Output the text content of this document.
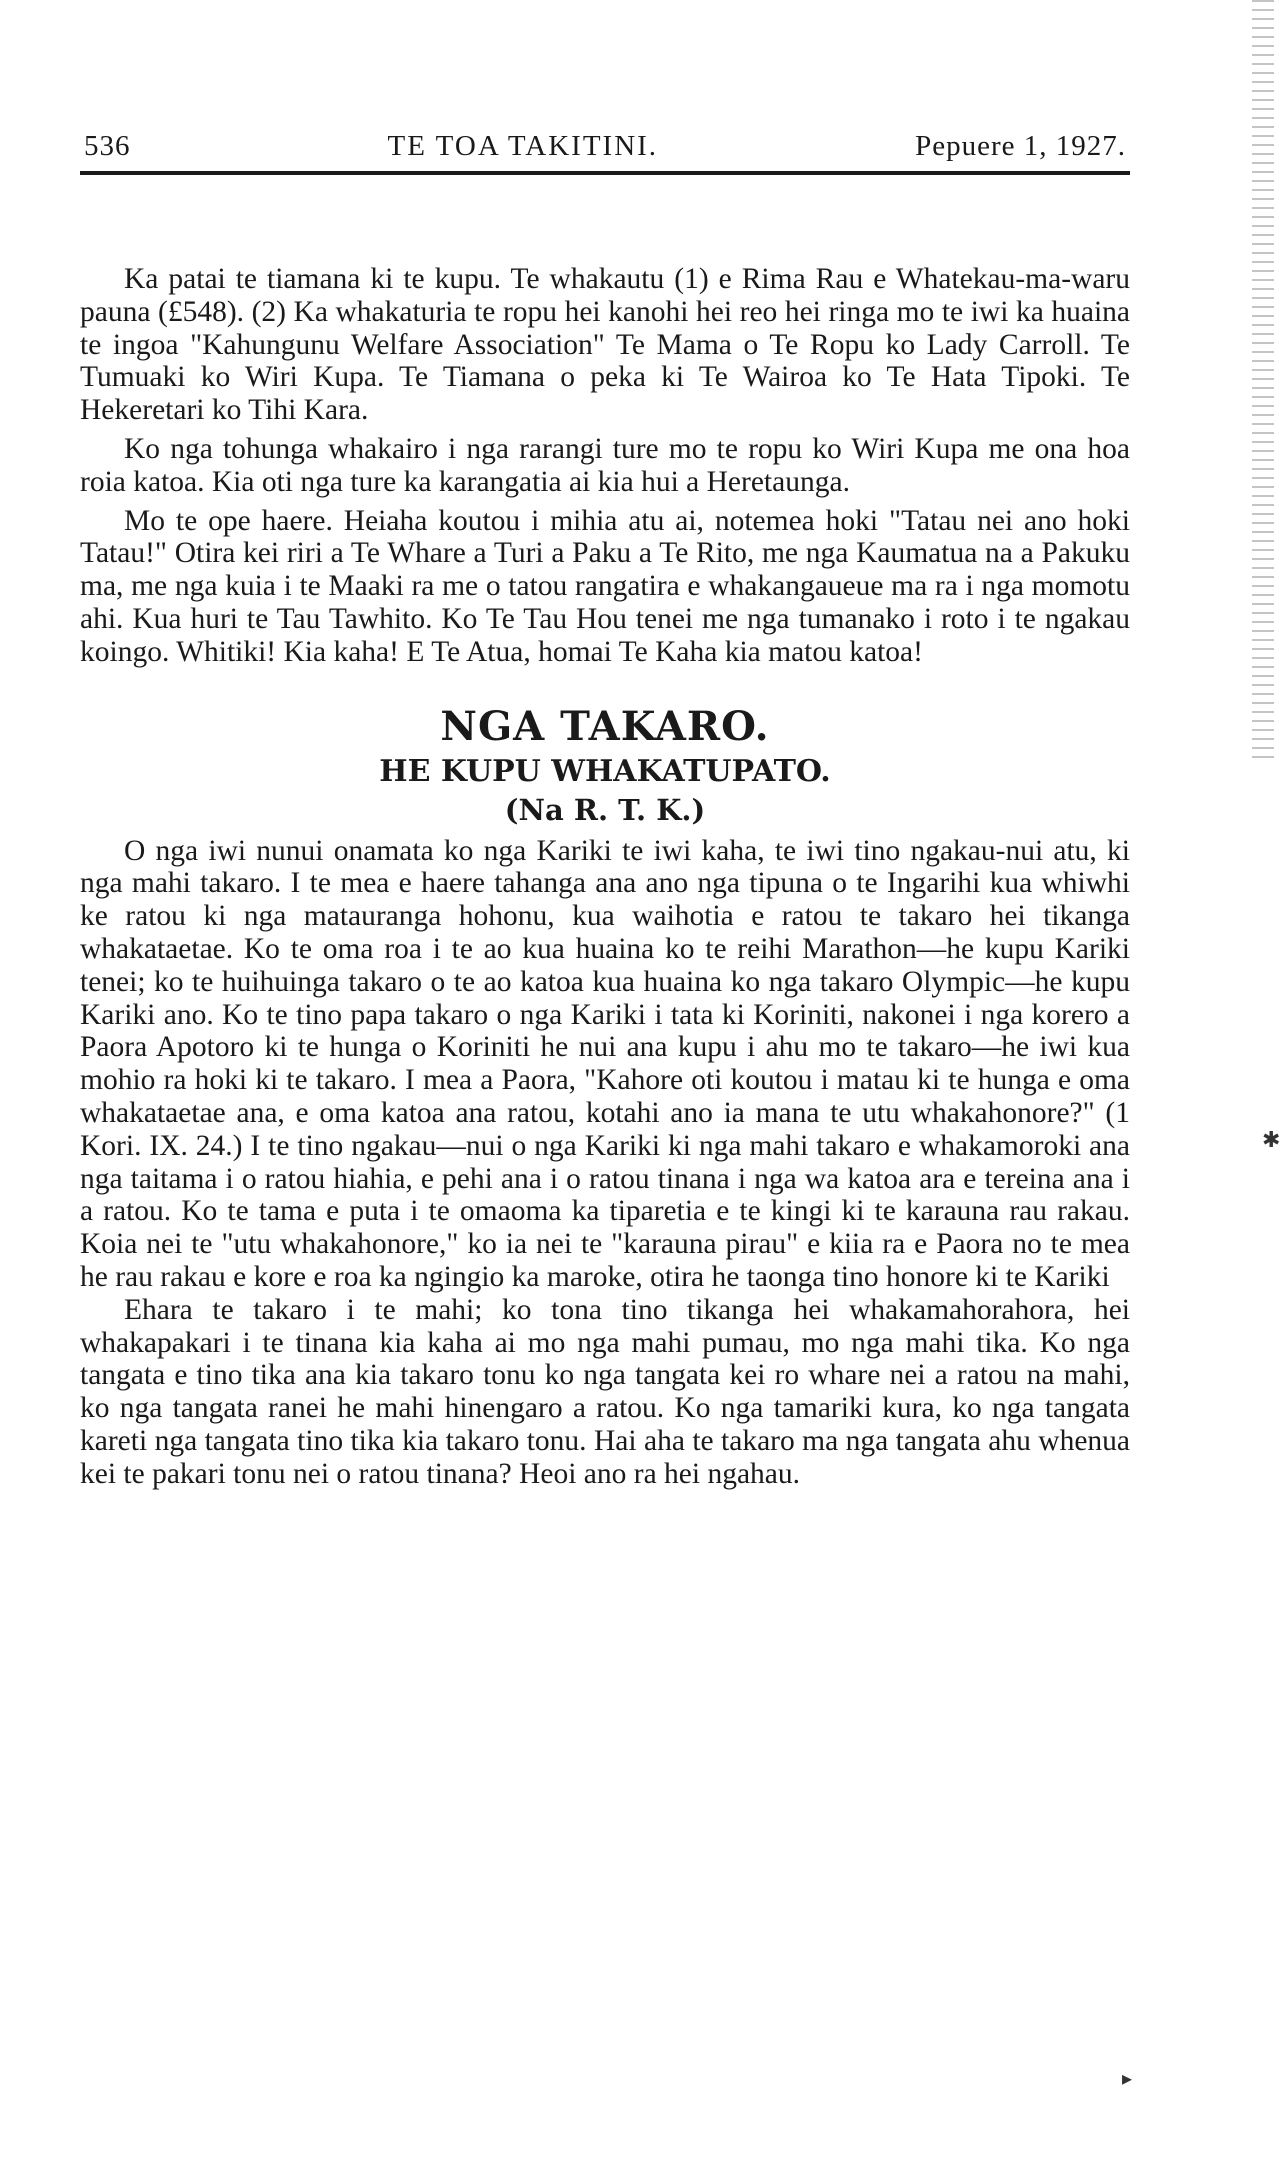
536	TE TOA TAKITINI.	Pepuere 1, 1927.

Ka patai te tiamana ki te kupu. Te whakautu (1) e Rima Rau e Whatekau-ma-waru pauna (£548). (2) Ka whakaturia te ropu hei kanohi hei reo hei ringa mo te iwi ka huaina te ingoa "Kahungunu Welfare Association" Te Mama o Te Ropu ko Lady Carroll. Te Tumuaki ko Wiri Kupa. Te Tiamana o peka ki Te Wairoa ko Te Hata Tipoki. Te Hekeretari ko Tihi Kara.

Ko nga tohunga whakairo i nga rarangi ture mo te ropu ko Wiri Kupa me ona hoa roia katoa. Kia oti nga ture ka karangatia ai kia hui a Heretaunga.

Mo te ope haere. Heiaha koutou i mihia atu ai, notemea hoki "Tatau nei ano hoki Tatau!" Otira kei riri a Te Whare a Turi a Paku a Te Rito, me nga Kaumatua na a Pakuku ma, me nga kuia i te Maaki ra me o tatou rangatira e whakangaueue ma ra i nga momotu ahi. Kua huri te Tau Tawhito. Ko Te Tau Hou tenei me nga tumanako i roto i te ngakau koingo. Whitiki! Kia kaha! E Te Atua, homai Te Kaha kia matou katoa!

NGA TAKARO.
HE KUPU WHAKATUPATO.
(Na R. T. K.)

O nga iwi nunui onamata ko nga Kariki te iwi kaha, te iwi tino ngakau-nui atu, ki nga mahi takaro. I te mea e haere tahanga ana ano nga tipuna o te Ingarihi kua whiwhi ke ratou ki nga matauranga hohonu, kua waihotia e ratou te takaro hei tikanga whakataetae. Ko te oma roa i te ao kua huaina ko te reihi Marathon—he kupu Kariki tenei; ko te huihuinga takaro o te ao katoa kua huaina ko nga takaro Olympic—he kupu Kariki ano. Ko te tino papa takaro o nga Kariki i tata ki Koriniti, nakonei i nga korero a Paora Apotoro ki te hunga o Koriniti he nui ana kupu i ahu mo te takaro—he iwi kua mohio ra hoki ki te takaro. I mea a Paora, "Kahore oti koutou i matau ki te hunga e oma whakataetae ana, e oma katoa ana ratou, kotahi ano ia mana te utu whakahonore?" (1 Kori. IX. 24.) I te tino ngakau—nui o nga Kariki ki nga mahi takaro e whakamoroki ana nga taitama i o ratou hiahia, e pehi ana i o ratou tinana i nga wa katoa ara e tereina ana i a ratou. Ko te tama e puta i te omaoma ka tiparetia e te kingi ki te karauna rau rakau. Koia nei te "utu whakahonore," ko ia nei te "karauna pirau" e kiia ra e Paora no te mea he rau rakau e kore e roa ka ngingio ka maroke, otira he taonga tino honore ki te Kariki

Ehara te takaro i te mahi; ko tona tino tikanga hei whakamahorahora, hei whakapakari i te tinana kia kaha ai mo nga mahi pumau, mo nga mahi tika. Ko nga tangata e tino tika ana kia takaro tonu ko nga tangata kei ro whare nei a ratou na mahi, ko nga tangata ranei he mahi hinengaro a ratou. Ko nga tamariki kura, ko nga tangata kareti nga tangata tino tika kia takaro tonu. Hai aha te takaro ma nga tangata ahu whenua kei te pakari tonu nei o ratou tinana? Heoi ano ra hei ngahau.

✱
▸
